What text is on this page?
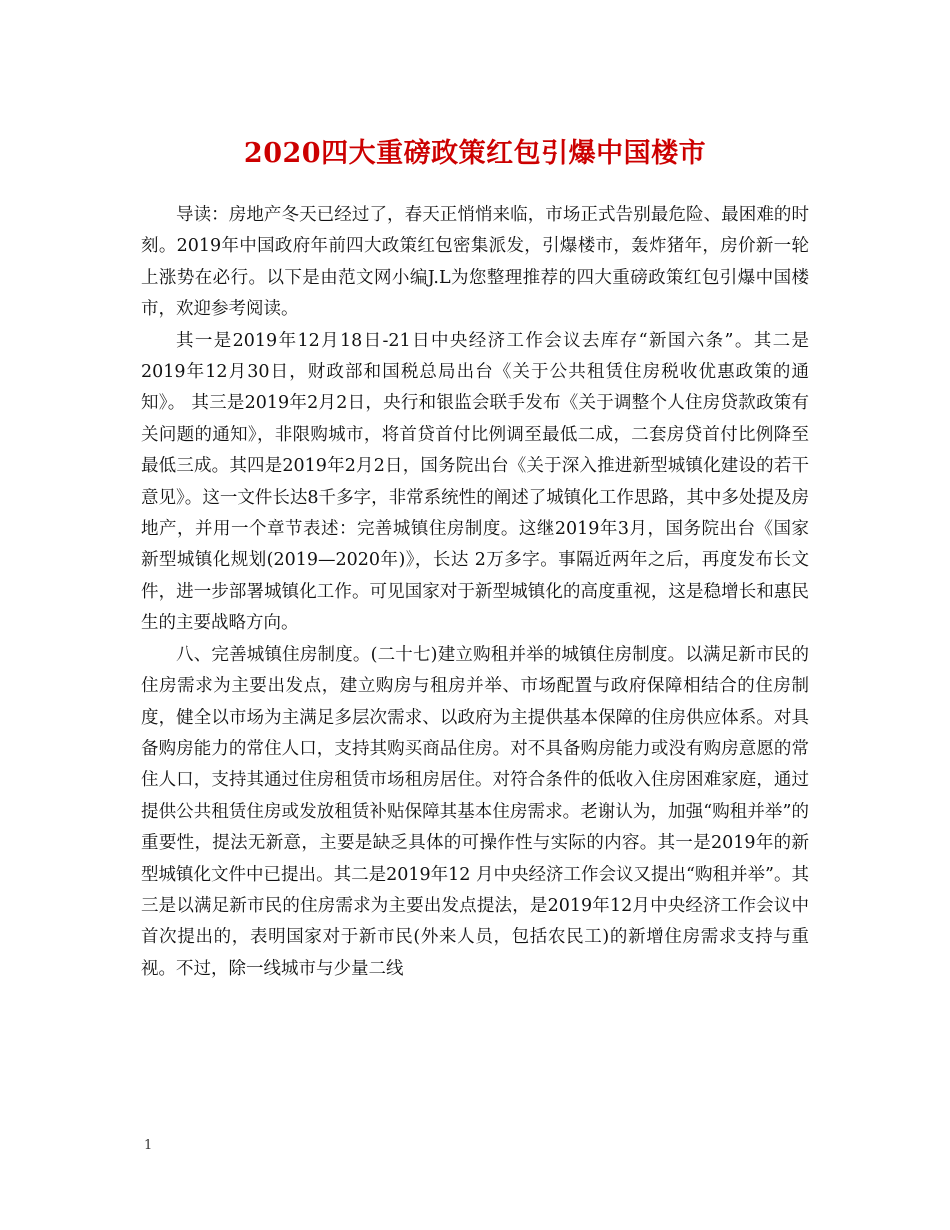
2020四大重磅政策红包引爆中国楼市

导读：房地产冬天已经过了，春天正悄悄来临，市场正式告别最危险、最困难的时刻。2019年中国政府年前四大政策红包密集派发，引爆楼市，轰炸猪年，房价新一轮上涨势在必行。以下是由范文网小编J.L为您整理推荐的四大重磅政策红包引爆中国楼市，欢迎参考阅读。

其一是2019年12月18日-21日中央经济工作会议去库存“新国六条”。其二是2019年12月30日，财政部和国税总局出台《关于公共租赁住房税收优惠政策的通知》。 其三是2019年2月2日，央行和银监会联手发布《关于调整个人住房贷款政策有关问题的通知》，非限购城市，将首贷首付比例调至最低二成，二套房贷首付比例降至最低三成。其四是2019年2月2日，国务院出台《关于深入推进新型城镇化建设的若干意见》。这一文件长达8千多字，非常系统性的阐述了城镇化工作思路，其中多处提及房地产，并用一个章节表述：完善城镇住房制度。这继2019年3月，国务院出台《国家新型城镇化规划(2019—2020年)》，长达 2万多字。事隔近两年之后，再度发布长文件，进一步部署城镇化工作。可见国家对于新型城镇化的高度重视，这是稳增长和惠民生的主要战略方向。

八、完善城镇住房制度。(二十七)建立购租并举的城镇住房制度。以满足新市民的住房需求为主要出发点，建立购房与租房并举、市场配置与政府保障相结合的住房制度，健全以市场为主满足多层次需求、以政府为主提供基本保障的住房供应体系。对具备购房能力的常住人口，支持其购买商品住房。对不具备购房能力或没有购房意愿的常住人口，支持其通过住房租赁市场租房居住。对符合条件的低收入住房困难家庭，通过提供公共租赁住房或发放租赁补贴保障其基本住房需求。老谢认为，加强“购租并举”的重要性，提法无新意，主要是缺乏具体的可操作性与实际的内容。其一是2019年的新型城镇化文件中已提出。其二是2019年12 月中央经济工作会议又提出“购租并举”。其三是以满足新市民的住房需求为主要出发点提法，是2019年12月中央经济工作会议中首次提出的，表明国家对于新市民(外来人员，包括农民工)的新增住房需求支持与重视。不过，除一线城市与少量二线

1
